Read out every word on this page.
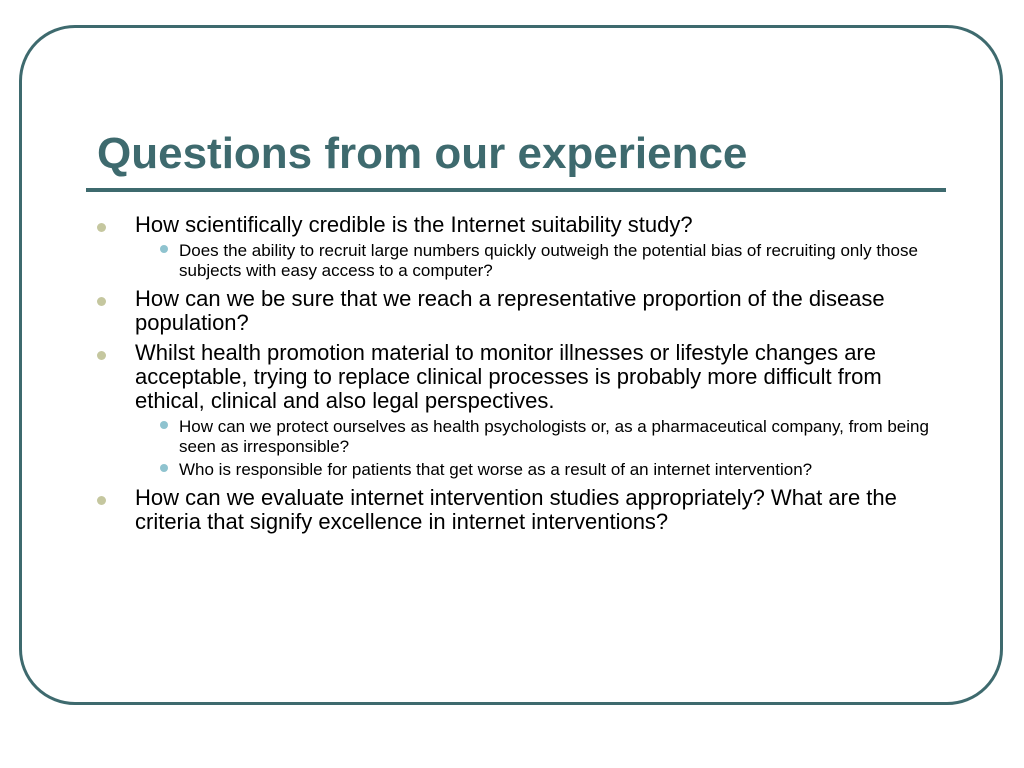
Questions from our experience
How scientifically credible is the Internet suitability study?
Does the ability to recruit large numbers quickly outweigh the potential bias of recruiting only those subjects with easy access to a computer?
How can we be sure that we reach a representative proportion of the disease population?
Whilst health promotion material to monitor illnesses or lifestyle changes are acceptable, trying to replace clinical processes is probably more difficult from ethical, clinical and also legal perspectives.
How can we protect ourselves as health psychologists or, as a pharmaceutical company, from being seen as irresponsible?
Who is responsible for patients that get worse as a result of an internet intervention?
How can we evaluate internet intervention studies appropriately? What are the criteria that signify excellence in internet interventions?
